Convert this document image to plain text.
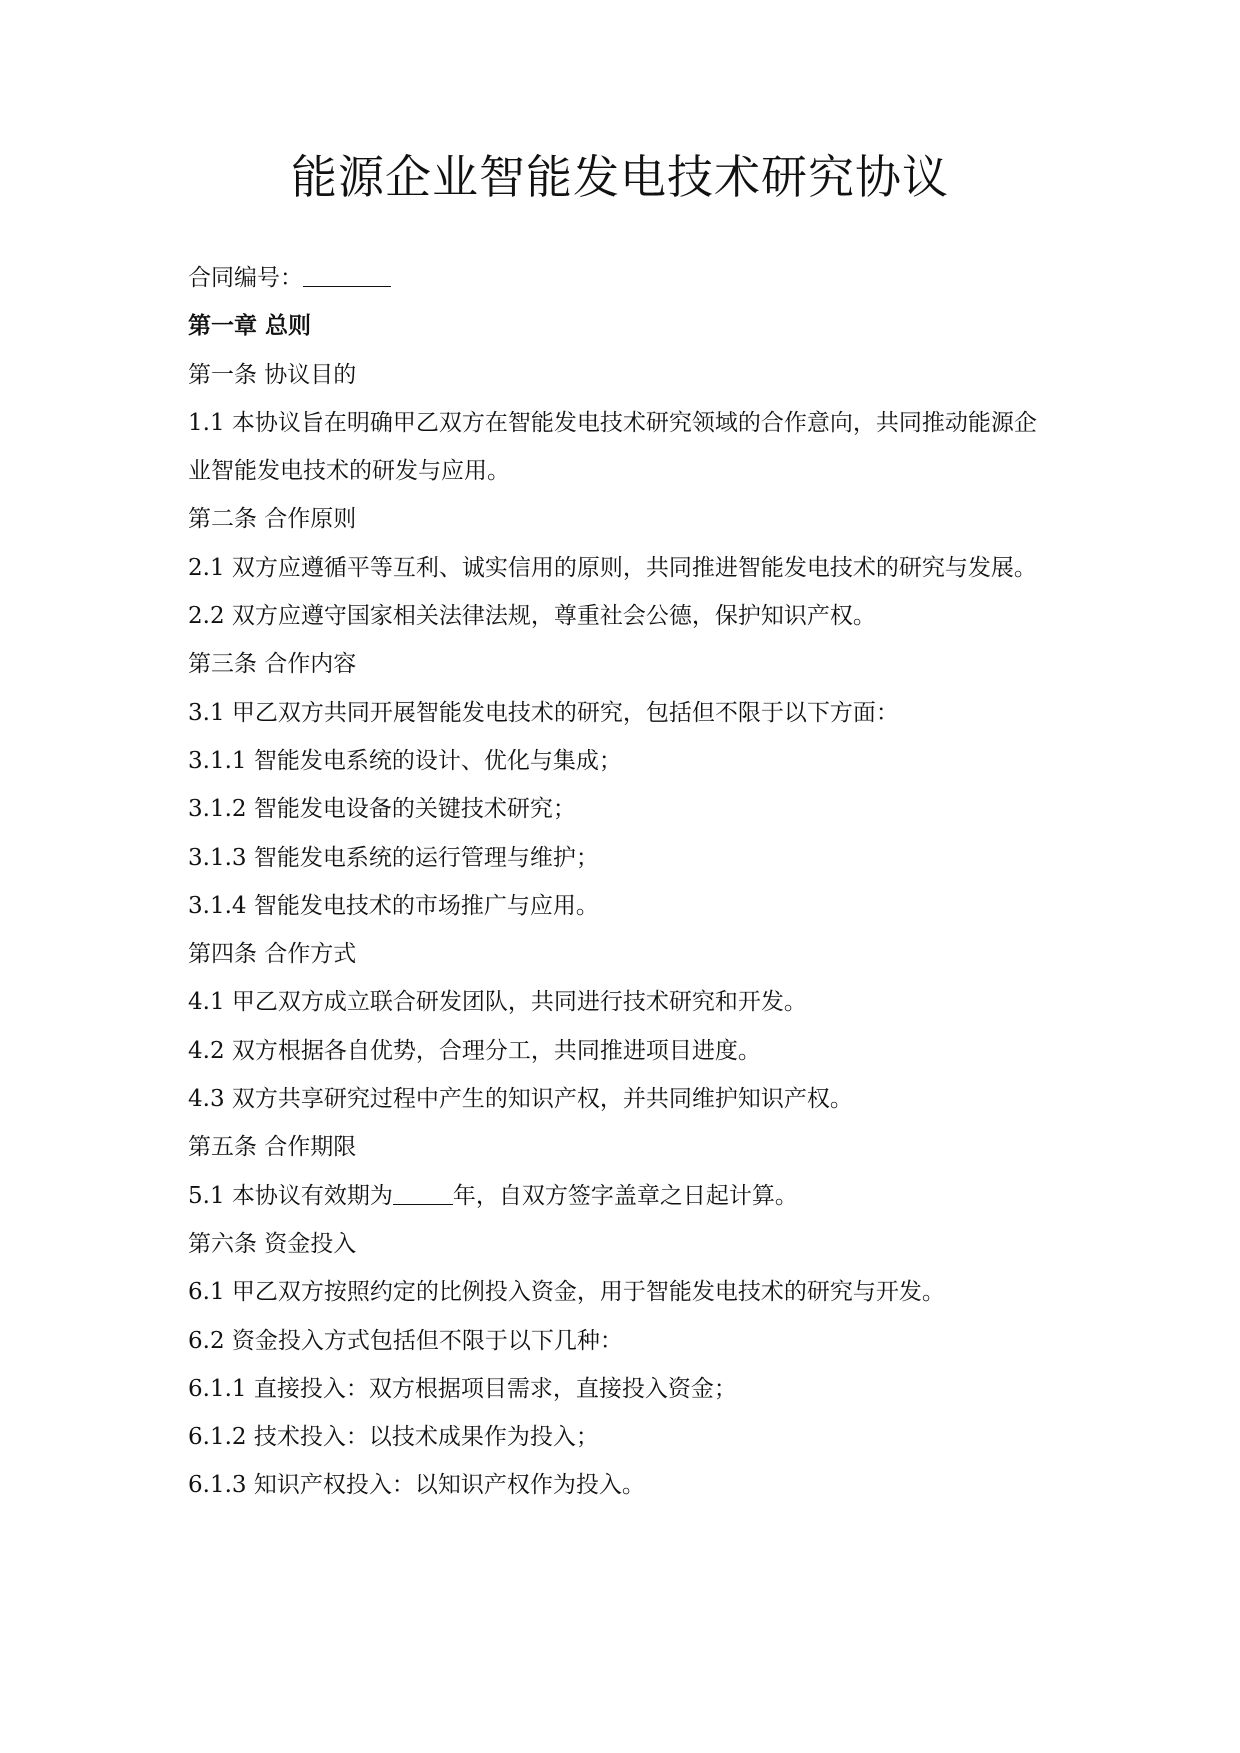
能源企业智能发电技术研究协议
合同编号：
第一章 总则
第一条 协议目的
1.1 本协议旨在明确甲乙双方在智能发电技术研究领域的合作意向，共同推动能源企业智能发电技术的研发与应用。
第二条 合作原则
2.1 双方应遵循平等互利、诚实信用的原则，共同推进智能发电技术的研究与发展。
2.2 双方应遵守国家相关法律法规，尊重社会公德，保护知识产权。
第三条 合作内容
3.1 甲乙双方共同开展智能发电技术的研究，包括但不限于以下方面：
3.1.1 智能发电系统的设计、优化与集成；
3.1.2 智能发电设备的关键技术研究；
3.1.3 智能发电系统的运行管理与维护；
3.1.4 智能发电技术的市场推广与应用。
第四条 合作方式
4.1 甲乙双方成立联合研发团队，共同进行技术研究和开发。
4.2 双方根据各自优势，合理分工，共同推进项目进度。
4.3 双方共享研究过程中产生的知识产权，并共同维护知识产权。
第五条 合作期限
5.1 本协议有效期为	年，自双方签字盖章之日起计算。
第六条 资金投入
6.1 甲乙双方按照约定的比例投入资金，用于智能发电技术的研究与开发。
6.2 资金投入方式包括但不限于以下几种：
6.1.1 直接投入：双方根据项目需求，直接投入资金；
6.1.2 技术投入：以技术成果作为投入；
6.1.3 知识产权投入：以知识产权作为投入。
